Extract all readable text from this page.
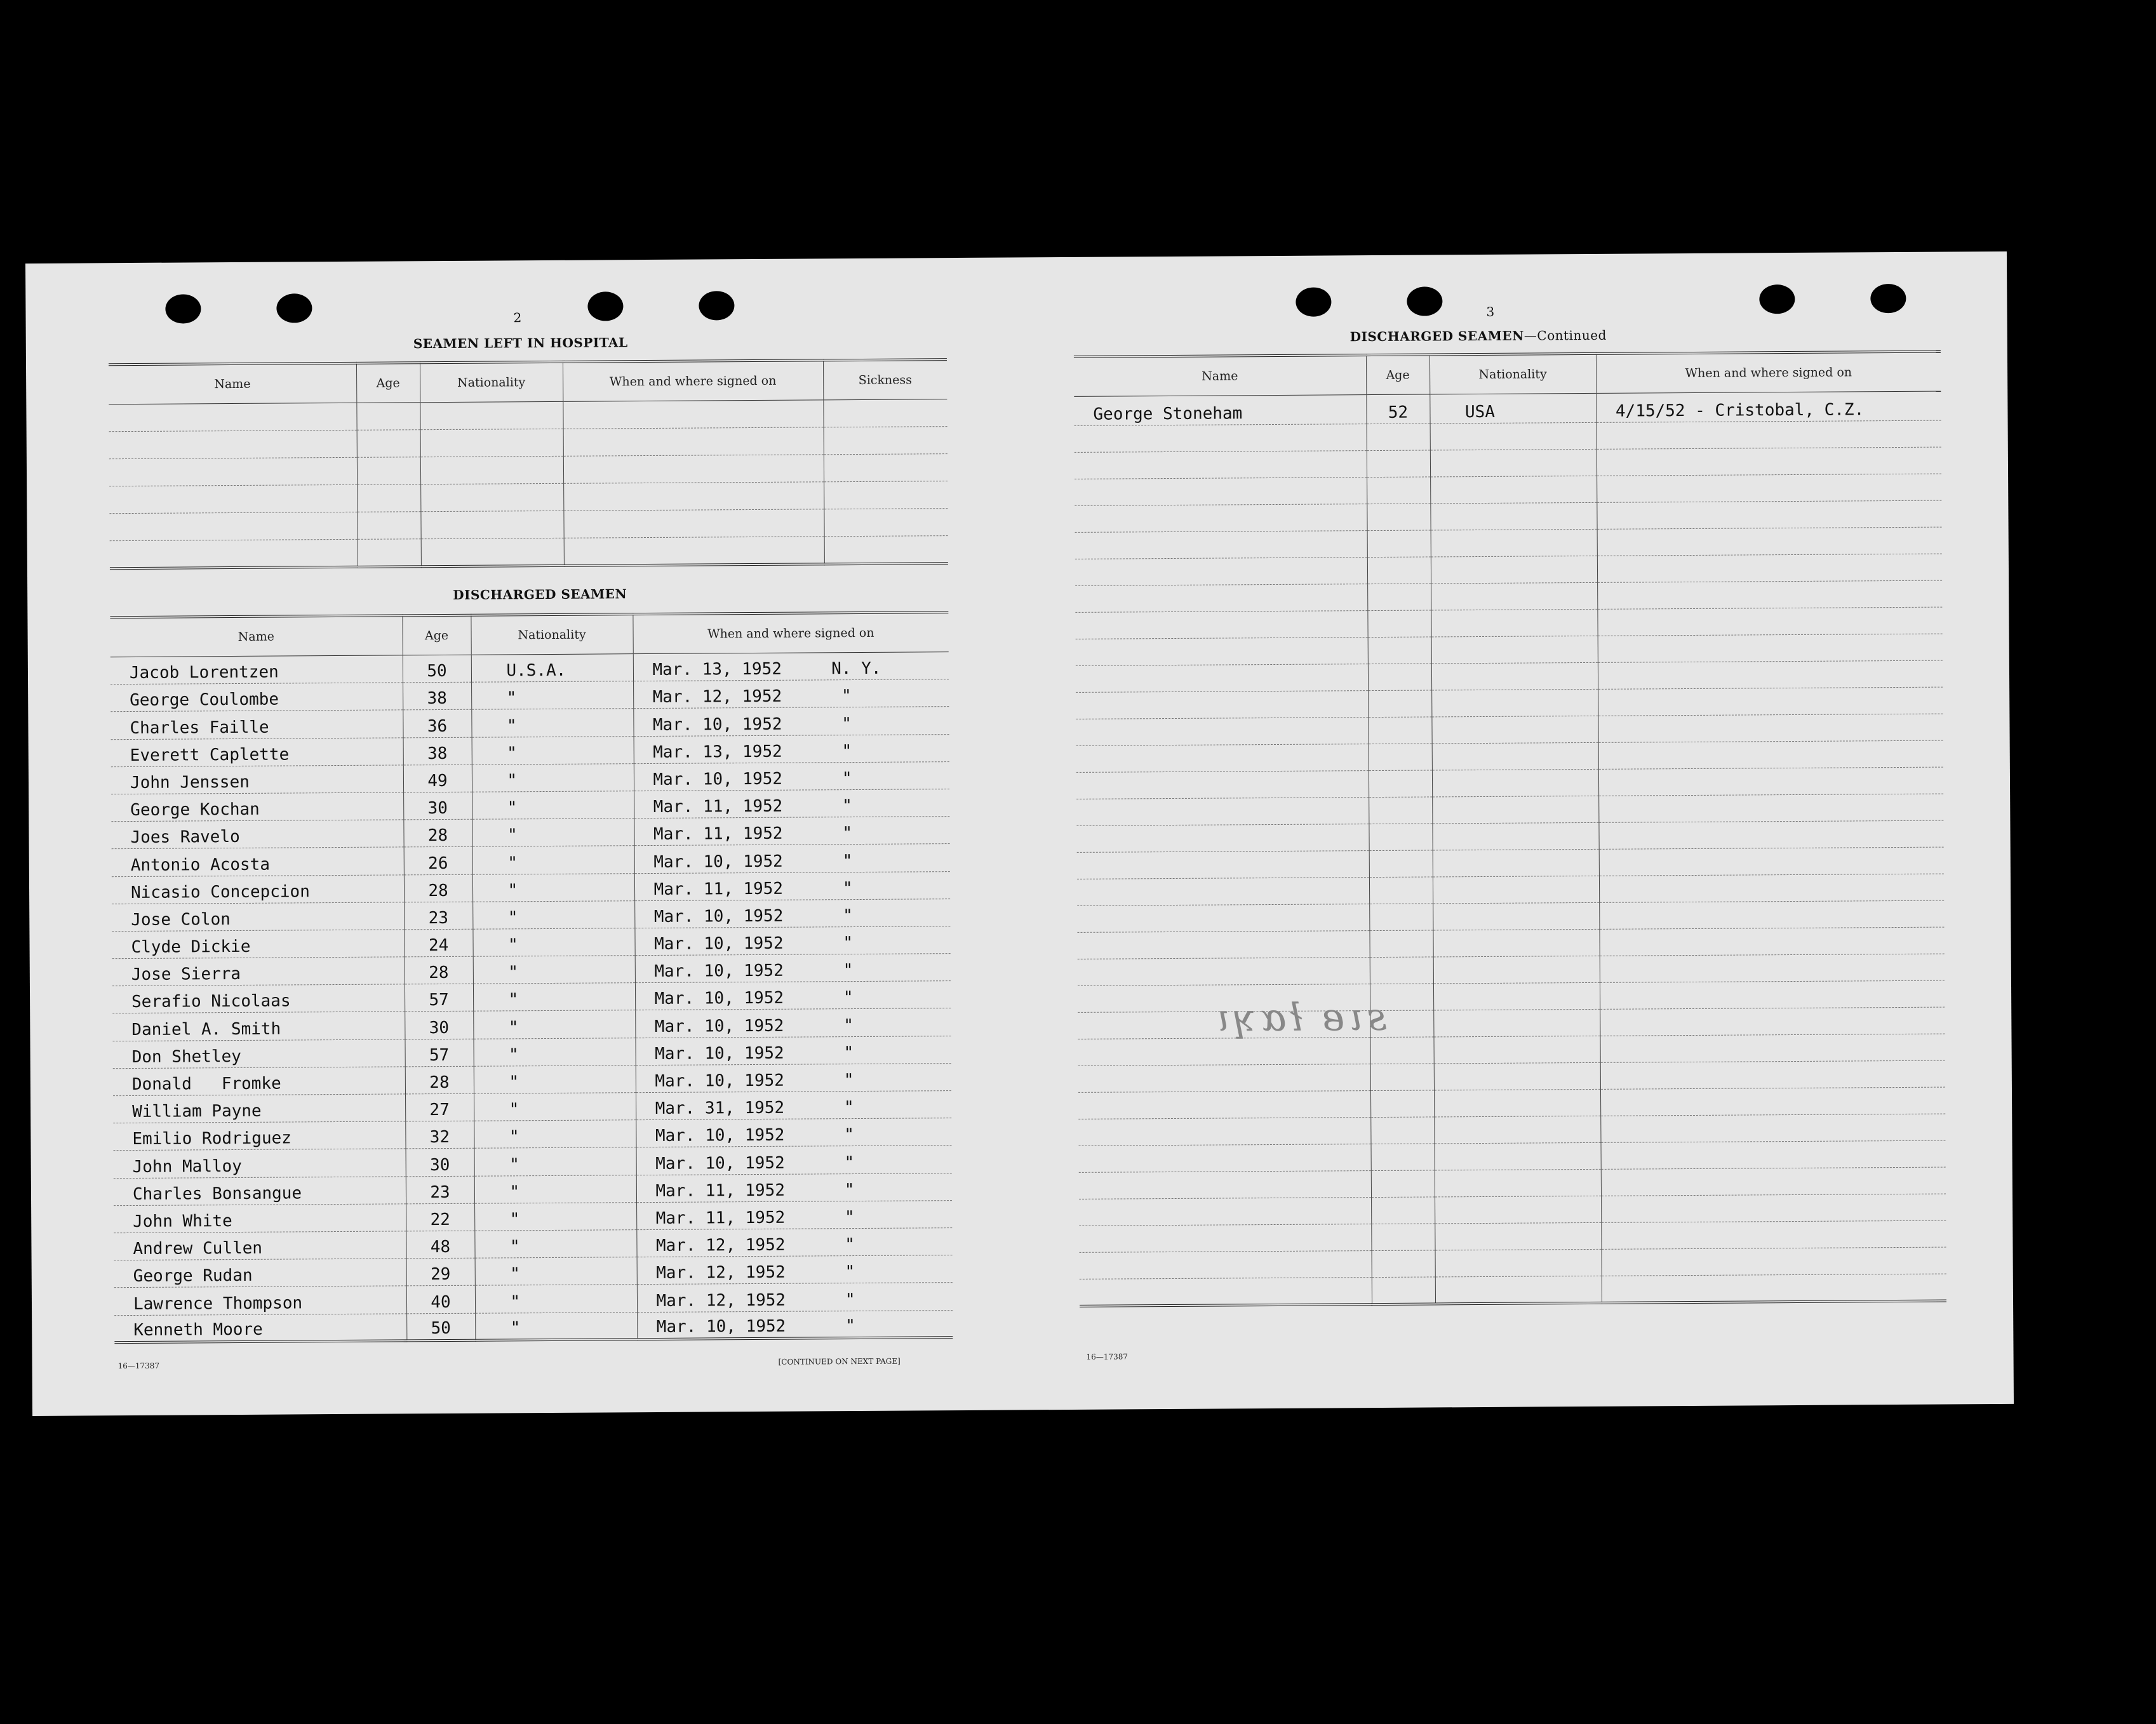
2
SEAMEN LEFT IN HOSPITAL
Name	Age	Nationality	When and where signed on	Sickness

DISCHARGED SEAMEN
Name	Age	Nationality	When and where signed on
Jacob Lorentzen	50	U.S.A.	Mar. 13, 1952     N. Y.
George Coulombe	38	"	Mar. 12, 1952      "
Charles Faille	36	"	Mar. 10, 1952      "
Everett Caplette	38	"	Mar. 13, 1952      "
John Jenssen	49	"	Mar. 10, 1952      "
George Kochan	30	"	Mar. 11, 1952      "
Joes Ravelo	28	"	Mar. 11, 1952      "
Antonio Acosta	26	"	Mar. 10, 1952      "
Nicasio Concepcion	28	"	Mar. 11, 1952      "
Jose Colon	23	"	Mar. 10, 1952      "
Clyde Dickie	24	"	Mar. 10, 1952      "
Jose Sierra	28	"	Mar. 10, 1952      "
Serafio Nicolaas	57	"	Mar. 10, 1952      "
Daniel A. Smith	30	"	Mar. 10, 1952      "
Don Shetley	57	"	Mar. 10, 1952      "
Donald   Fromke	28	"	Mar. 10, 1952      "
William Payne	27	"	Mar. 31, 1952      "
Emilio Rodriguez	32	"	Mar. 10, 1952      "
John Malloy	30	"	Mar. 10, 1952      "
Charles Bonsangue	23	"	Mar. 11, 1952      "
John White	22	"	Mar. 11, 1952      "
Andrew Cullen	48	"	Mar. 12, 1952      "
George Rudan	29	"	Mar. 12, 1952      "
Lawrence Thompson	40	"	Mar. 12, 1952      "
Kenneth Moore	50	"	Mar. 10, 1952      "
16—17387	[CONTINUED ON NEXT PAGE]
3
DISCHARGED SEAMEN—Continued
Name	Age	Nationality	When and where signed on
George Stoneham	52	USA	4/15/52 - Cristobal, C.Z.

ѕιв łɑʞɩ
16—17387
